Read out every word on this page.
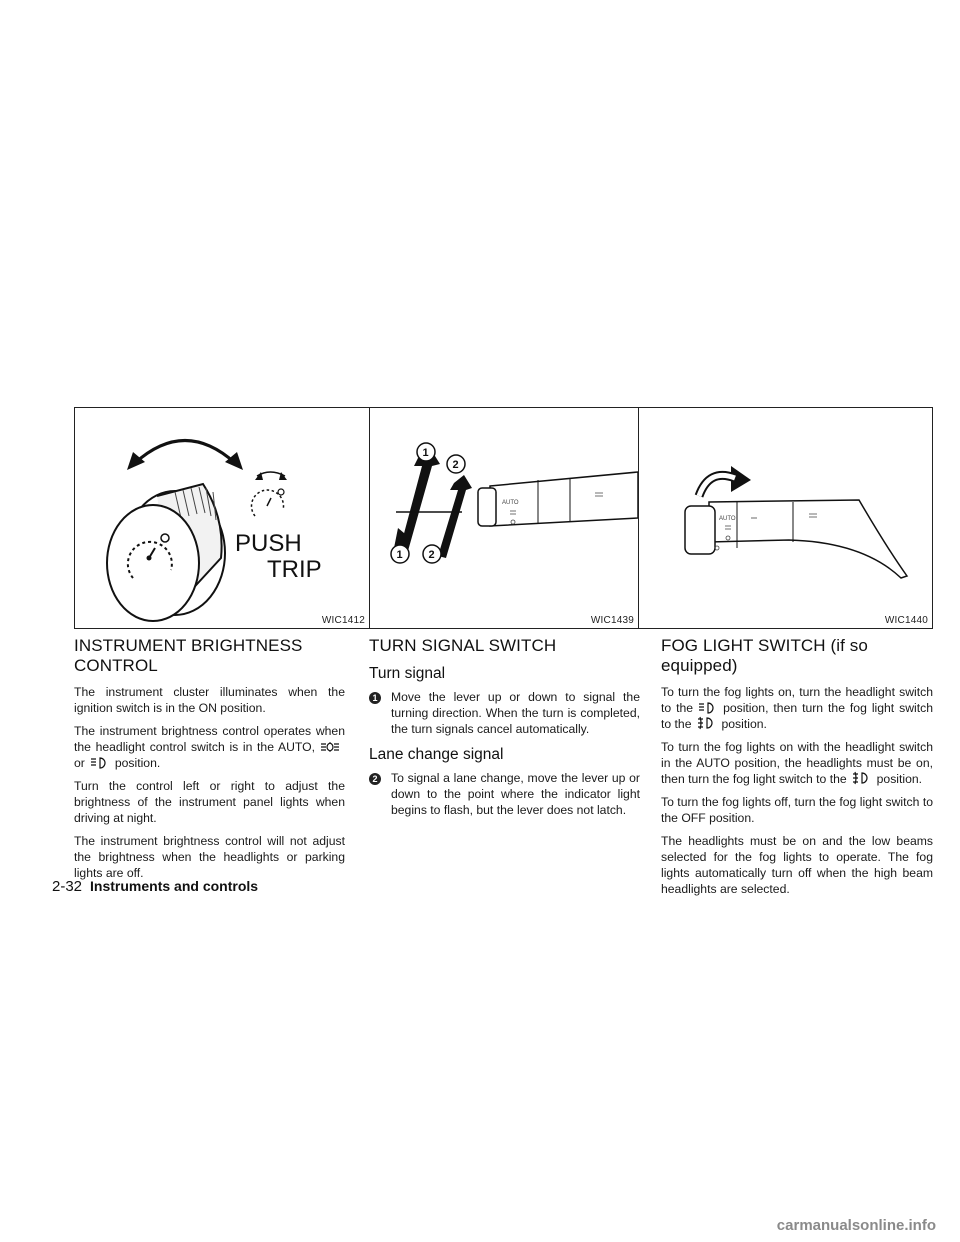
PUSH
TRIP
WIC1412
1
2
1 2
AUTO
WIC1439
AUTO
WIC1440
INSTRUMENT BRIGHTNESS
CONTROL

The instrument cluster illuminates when the ignition switch is in the ON position.

The instrument brightness control operates when the headlight control switch is in the AUTO,or position.

Turn the control left or right to adjust the brightness of the instrument panel lights when driving at night.

The instrument brightness control will not adjust the brightness when the headlights or parking lights are off.

TURN SIGNAL SWITCH
Turn signal
1 Move the lever up or down to signal the turning direction. When the turn is completed, the turn signals cancel automatically.
Lane change signal
2 To signal a lane change, move the lever up or down to the point where the indicator light begins to flash, but the lever does not latch.
FOG LIGHT SWITCH (if so equipped)

To turn the fog lights on, turn the headlight switch to the position, then turn the fog light switch to the position.

To turn the fog lights on with the headlight switch in the AUTO position, the headlights must be on, then turn the fog light switch to the position.

To turn the fog lights off, turn the fog light switch to the OFF position.

The headlights must be on and the low beams selected for the fog lights to operate. The fog lights automatically turn off when the high beam headlights are selected.

2-32 Instruments and controls
carmanualsonline.info
